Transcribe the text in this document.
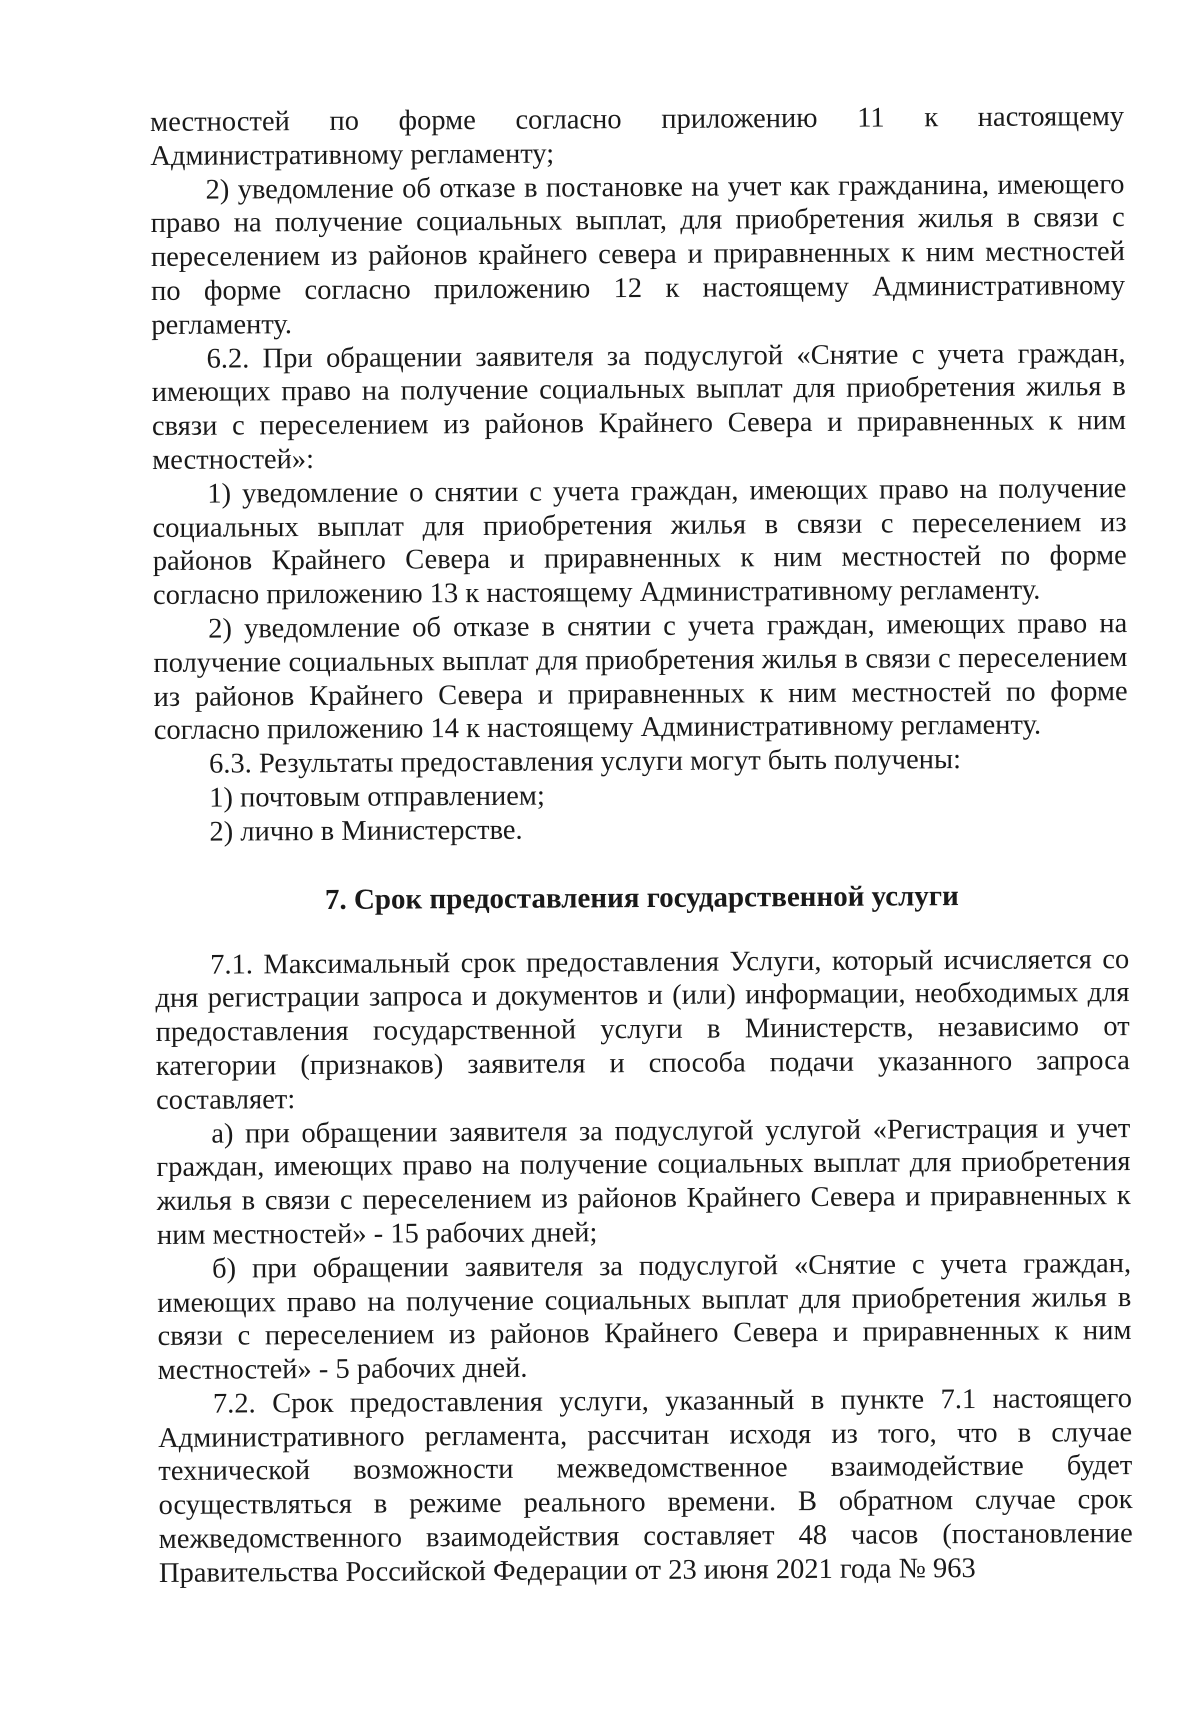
местностей по форме согласно приложению 11 к настоящему Административному регламенту;

2) уведомление об отказе в постановке на учет как гражданина, имеющего право на получение социальных выплат, для приобретения жилья в связи с переселением из районов крайнего севера и приравненных к ним местностей по форме согласно приложению 12 к настоящему Административному регламенту.

6.2. При обращении заявителя за подуслугой «Снятие с учета граждан, имеющих право на получение социальных выплат для приобретения жилья в связи с переселением из районов Крайнего Севера и приравненных к ним местностей»:

1) уведомление о снятии с учета граждан, имеющих право на получение социальных выплат для приобретения жилья в связи с переселением из районов Крайнего Севера и приравненных к ним местностей по форме согласно приложению 13 к настоящему Административному регламенту.

2) уведомление об отказе в снятии с учета граждан, имеющих право на получение социальных выплат для приобретения жилья в связи с переселением из районов Крайнего Севера и приравненных к ним местностей по форме согласно приложению 14 к настоящему Административному регламенту.

6.3. Результаты предоставления услуги могут быть получены:

1) почтовым отправлением;

2) лично в Министерстве.

7. Срок предоставления государственной услуги

7.1. Максимальный срок предоставления Услуги, который исчисляется со дня регистрации запроса и документов и (или) информации, необходимых для предоставления государственной услуги в Министерств, независимо от категории (признаков) заявителя и способа подачи указанного запроса составляет:

а) при обращении заявителя за подуслугой услугой «Регистрация и учет граждан, имеющих право на получение социальных выплат для приобретения жилья в связи с переселением из районов Крайнего Севера и приравненных к ним местностей» - 15 рабочих дней;

б) при обращении заявителя за подуслугой «Снятие с учета граждан, имеющих право на получение социальных выплат для приобретения жилья в связи с переселением из районов Крайнего Севера и приравненных к ним местностей» - 5 рабочих дней.

7.2. Срок предоставления услуги, указанный в пункте 7.1 настоящего Административного регламента, рассчитан исходя из того, что в случае технической возможности межведомственное взаимодействие будет осуществляться в режиме реального времени. В обратном случае срок межведомственного взаимодействия составляет 48 часов (постановление Правительства Российской Федерации от 23 июня 2021 года № 963
